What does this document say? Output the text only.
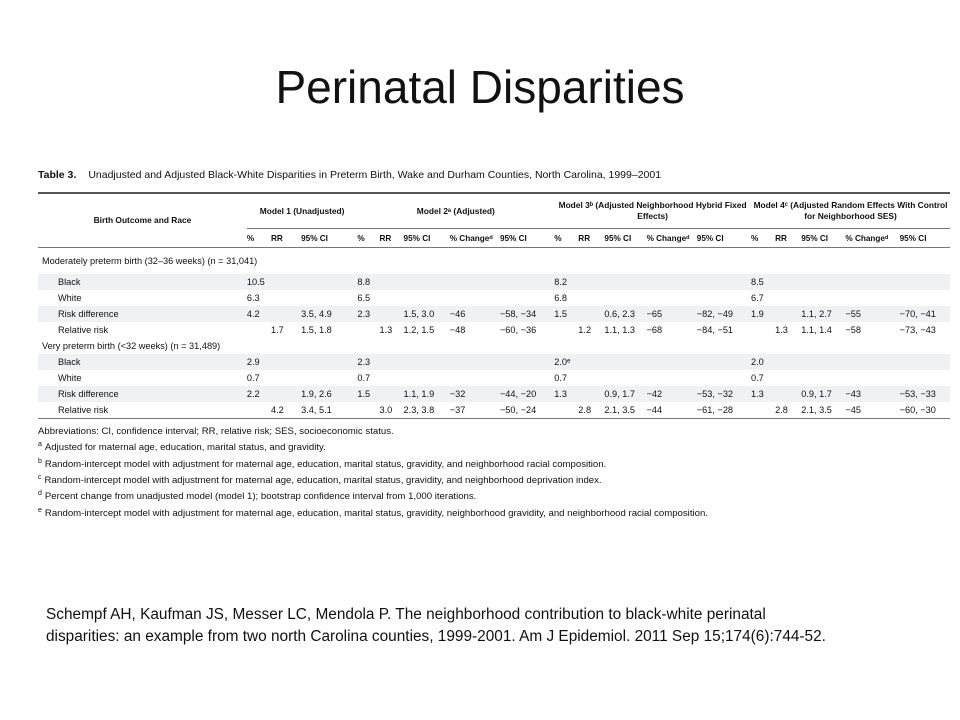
Perinatal Disparities
Table 3. Unadjusted and Adjusted Black-White Disparities in Preterm Birth, Wake and Durham Counties, North Carolina, 1999–2001
Birth Outcome and Race	Model 1 (Unadjusted)			Model 2ᵃ (Adjusted)					Model 3ᵇ (Adjusted Neighborhood Hybrid Fixed Effects)					Model 4ᶜ (Adjusted Random Effects With Control for Neighborhood SES)				
	%	RR	95% CI	%	RR	95% CI	% Changeᵈ	95% CI	%	RR	95% CI	% Changeᵈ	95% CI	%	RR	95% CI	% Changeᵈ	95% CI
Moderately preterm birth (32–36 weeks) (n = 31,041)																		
Black	10.5			8.8					8.2					8.5				
White	6.3			6.5					6.8					6.7				
Risk difference	4.2		3.5, 4.9	2.3		1.5, 3.0	−46	−58, −34	1.5		0.6, 2.3	−65	−82, −49	1.9		1.1, 2.7	−55	−70, −41
Relative risk		1.7	1.5, 1.8		1.3	1.2, 1.5	−48	−60, −36		1.2	1.1, 1.3	−68	−84, −51		1.3	1.1, 1.4	−58	−73, −43
Very preterm birth (<32 weeks) (n = 31,489)																		
Black	2.9			2.3					2.0ᵉ					2.0				
White	0.7			0.7					0.7					0.7				
Risk difference	2.2		1.9, 2.6	1.5		1.1, 1.9	−32	−44, −20	1.3		0.9, 1.7	−42	−53, −32	1.3		0.9, 1.7	−43	−53, −33
Relative risk		4.2	3.4, 5.1		3.0	2.3, 3.8	−37	−50, −24		2.8	2.1, 3.5	−44	−61, −28		2.8	2.1, 3.5	−45	−60, −30
Abbreviations: CI, confidence interval; RR, relative risk; SES, socioeconomic status.
$^a$ Adjusted for maternal age, education, marital status, and gravidity.
$^b$ Random-intercept model with adjustment for maternal age, education, marital status, gravidity, and neighborhood racial composition.
$^c$ Random-intercept model with adjustment for maternal age, education, marital status, gravidity, and neighborhood deprivation index.
$^d$ Percent change from unadjusted model (model 1); bootstrap confidence interval from 1,000 iterations.
$^e$ Random-intercept model with adjustment for maternal age, education, marital status, gravidity, neighborhood gravidity, and neighborhood racial composition.
Schempf AH, Kaufman JS, Messer LC, Mendola P. The neighborhood contribution to black-white perinatal
disparities: an example from two north Carolina counties, 1999-2001. Am J Epidemiol. 2011 Sep 15;174(6):744-52.
